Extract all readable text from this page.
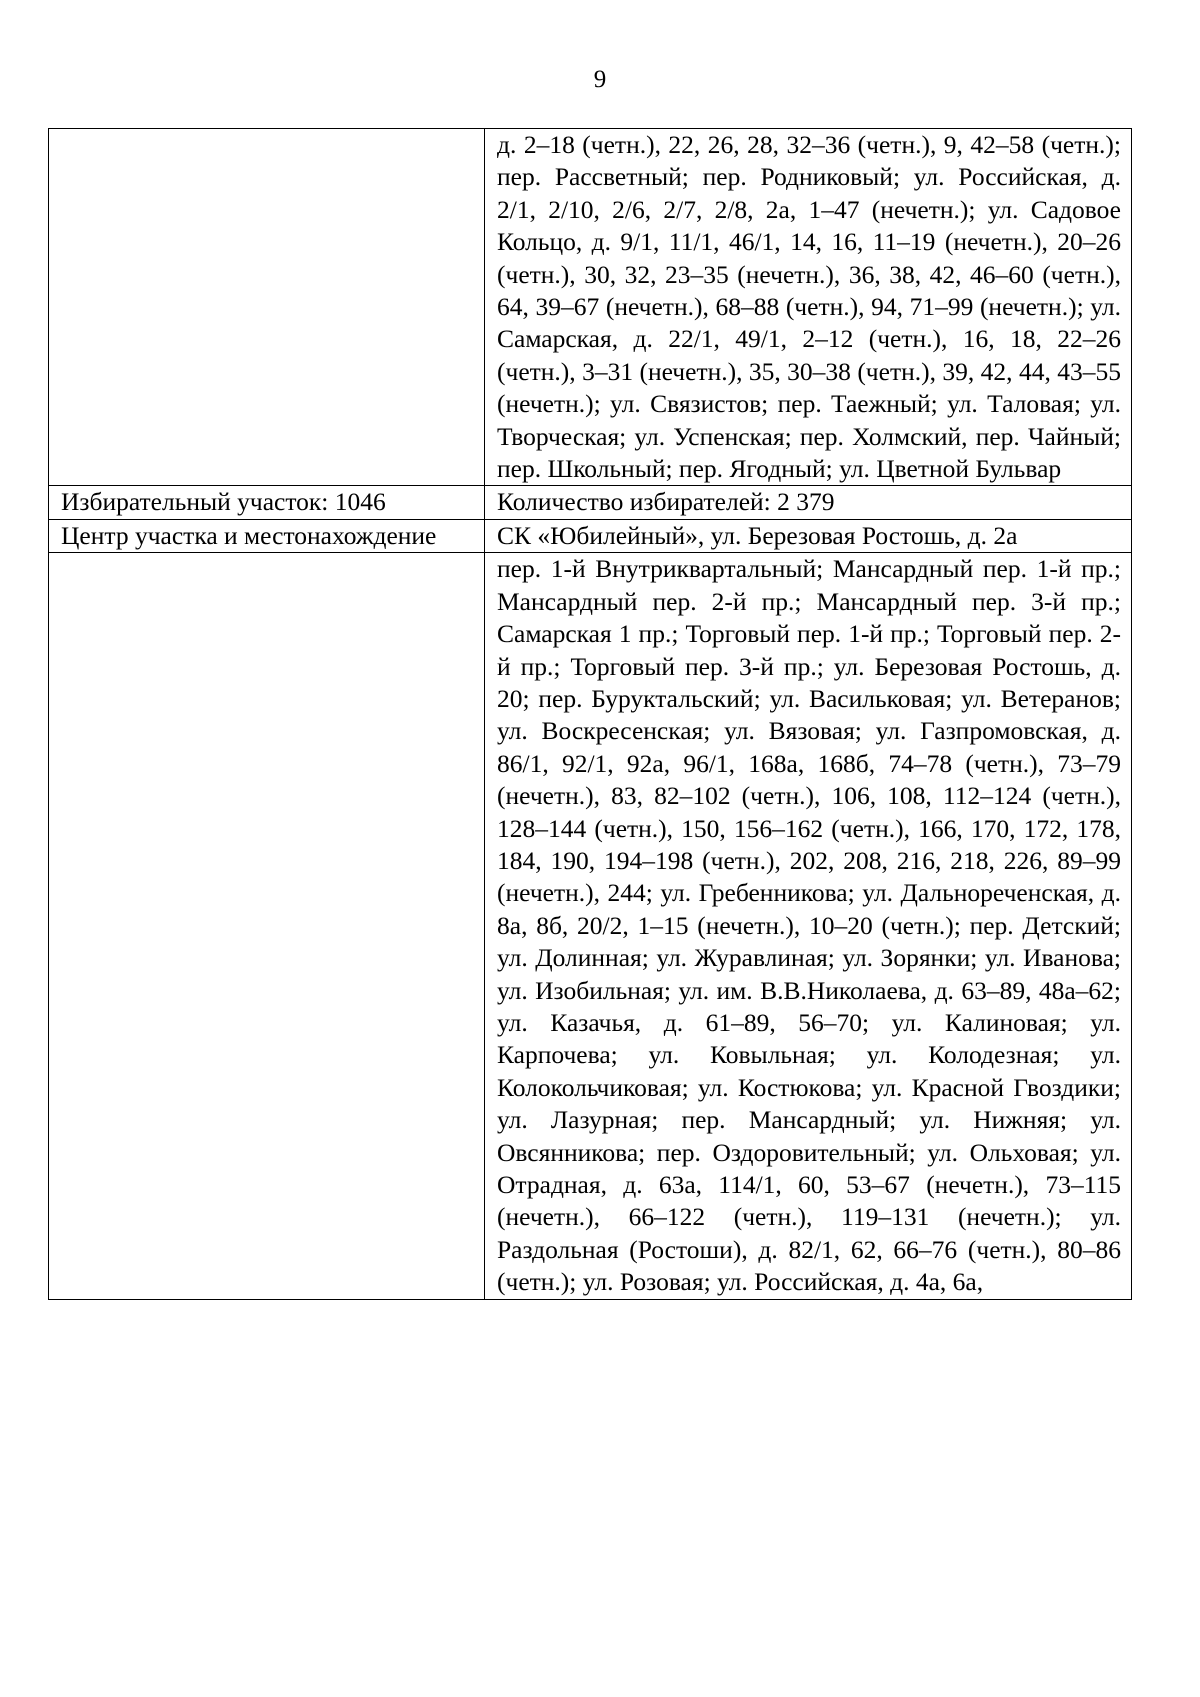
9
	д. 2–18 (четн.), 22, 26, 28, 32–36 (четн.), 9, 42–58 (четн.); пер. Рассветный; пер. Родниковый; ул. Российская, д. 2/1, 2/10, 2/6, 2/7, 2/8, 2а, 1–47 (нечетн.); ул. Садовое Кольцо, д. 9/1, 11/1, 46/1, 14, 16, 11–19 (нечетн.), 20–26 (четн.), 30, 32, 23–35 (нечетн.), 36, 38, 42, 46–60 (четн.), 64, 39–67 (нечетн.), 68–88 (четн.), 94, 71–99 (нечетн.); ул. Самарская, д. 22/1, 49/1, 2–12 (четн.), 16, 18, 22–26 (четн.), 3–31 (нечетн.), 35, 30–38 (четн.), 39, 42, 44, 43–55 (нечетн.); ул. Связистов; пер. Таежный; ул. Таловая; ул. Творческая; ул. Успенская; пер. Холмский, пер. Чайный; пер. Школьный; пер. Ягодный; ул. Цветной Бульвар
Избирательный участок: 1046	Количество избирателей: 2 379
Центр участка и местонахождение	СК «Юбилейный», ул. Березовая Ростошь, д. 2а
	пер. 1-й Внутриквартальный; Мансардный пер. 1-й пр.; Мансардный пер. 2-й пр.; Мансардный пер. 3-й пр.; Самарская 1 пр.; Торговый пер. 1-й пр.; Торговый пер. 2-й пр.; Торговый пер. 3-й пр.; ул. Березовая Ростошь, д. 20; пер. Буруктальский; ул. Васильковая; ул. Ветеранов; ул. Воскресенская; ул. Вязовая; ул. Газпромовская, д. 86/1, 92/1, 92а, 96/1, 168а, 168б, 74–78 (четн.), 73–79 (нечетн.), 83, 82–102 (четн.), 106, 108, 112–124 (четн.), 128–144 (четн.), 150, 156–162 (четн.), 166, 170, 172, 178, 184, 190, 194–198 (четн.), 202, 208, 216, 218, 226, 89–99 (нечетн.), 244; ул. Гребенникова; ул. Дальнореченская, д. 8а, 8б, 20/2, 1–15 (нечетн.), 10–20 (четн.); пер. Детский; ул. Долинная; ул. Журавлиная; ул. Зорянки; ул. Иванова; ул. Изобильная; ул. им. В.В.Николаева, д. 63–89, 48а–62; ул. Казачья, д. 61–89, 56–70; ул. Калиновая; ул. Карпочева; ул. Ковыльная; ул. Колодезная; ул. Колокольчиковая; ул. Костюкова; ул. Красной Гвоздики; ул. Лазурная; пер. Мансардный; ул. Нижняя; ул. Овсянникова; пер. Оздоровительный; ул. Ольховая; ул. Отрадная, д. 63а, 114/1, 60, 53–67 (нечетн.), 73–115 (нечетн.), 66–122 (четн.), 119–131 (нечетн.); ул. Раздольная (Ростоши), д. 82/1, 62, 66–76 (четн.), 80–86 (четн.); ул. Розовая; ул. Российская, д. 4а, 6а,
